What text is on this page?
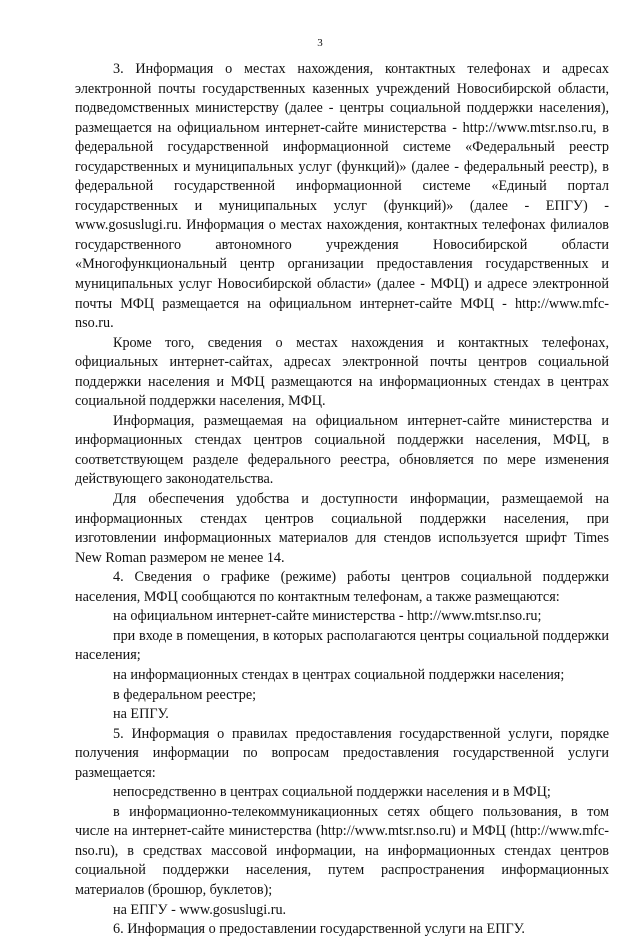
3

3. Информация о местах нахождения, контактных телефонах и адресах электронной почты государственных казенных учреждений Новосибирской области, подведомственных министерству (далее - центры социальной поддержки населения), размещается на официальном интернет-сайте министерства - http://www.mtsr.nso.ru, в федеральной государственной информационной системе «Федеральный реестр государственных и муниципальных услуг (функций)» (далее - федеральный реестр), в федеральной государственной информационной системе «Единый портал государственных и муниципальных услуг (функций)» (далее - ЕПГУ) - www.gosuslugi.ru. Информация о местах нахождения, контактных телефонах филиалов государственного автономного учреждения Новосибирской области «Многофункциональный центр организации предоставления государственных и муниципальных услуг Новосибирской области» (далее - МФЦ) и адресе электронной почты МФЦ размещается на официальном интернет-сайте МФЦ - http://www.mfc-nso.ru.

Кроме того, сведения о местах нахождения и контактных телефонах, официальных интернет-сайтах, адресах электронной почты центров социальной поддержки населения и МФЦ размещаются на информационных стендах в центрах социальной поддержки населения, МФЦ.

Информация, размещаемая на официальном интернет-сайте министерства и информационных стендах центров социальной поддержки населения, МФЦ, в соответствующем разделе федерального реестра, обновляется по мере изменения действующего законодательства.

Для обеспечения удобства и доступности информации, размещаемой на информационных стендах центров социальной поддержки населения, при изготовлении информационных материалов для стендов используется шрифт Times New Roman размером не менее 14.

4. Сведения о графике (режиме) работы центров социальной поддержки населения, МФЦ сообщаются по контактным телефонам, а также размещаются:

на официальном интернет-сайте министерства - http://www.mtsr.nso.ru;

при входе в помещения, в которых располагаются центры социальной поддержки населения;

на информационных стендах в центрах социальной поддержки населения;

в федеральном реестре;

на ЕПГУ.

5. Информация о правилах предоставления государственной услуги, порядке получения информации по вопросам предоставления государственной услуги размещается:

непосредственно в центрах социальной поддержки населения и в МФЦ;

в информационно-телекоммуникационных сетях общего пользования, в том числе на интернет-сайте министерства (http://www.mtsr.nso.ru) и МФЦ (http://www.mfc-nso.ru), в средствах массовой информации, на информационных стендах центров социальной поддержки населения, путем распространения информационных материалов (брошюр, буклетов);

на ЕПГУ - www.gosuslugi.ru.

6. Информация о предоставлении государственной услуги на ЕПГУ.
